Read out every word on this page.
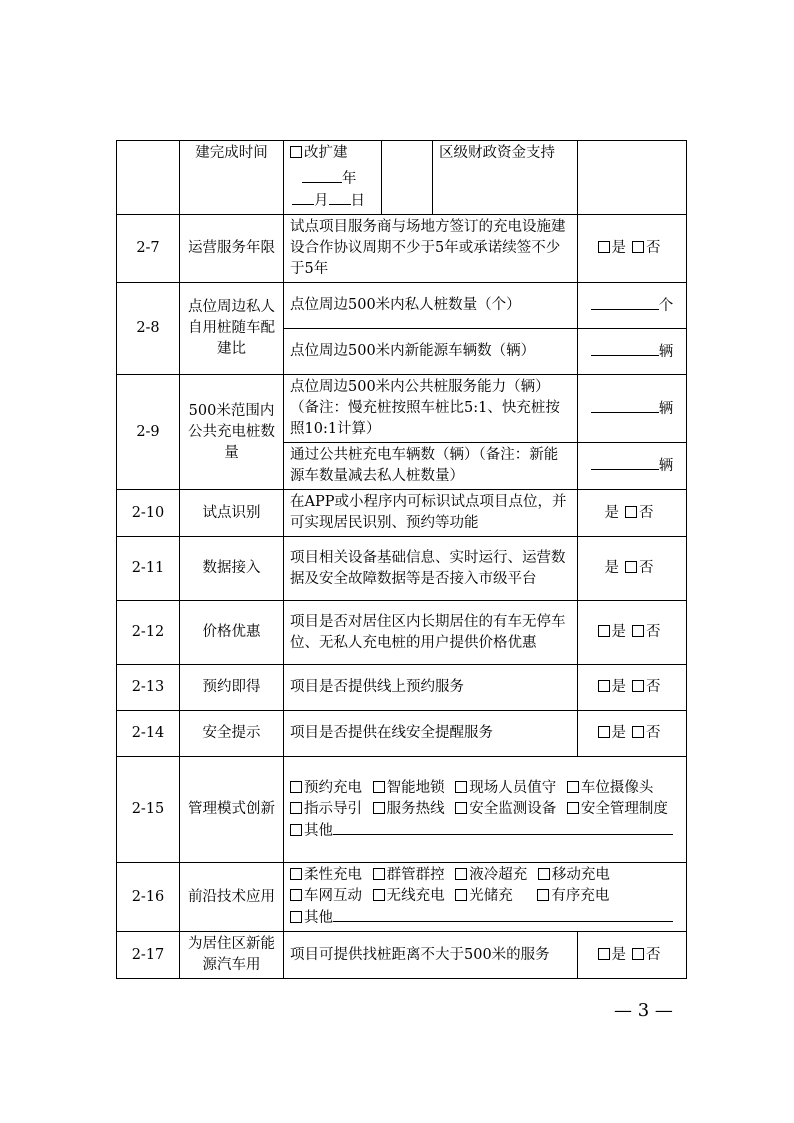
	建完成时间	改扩建
年
月 日		区级财政资金支持	
2-7	运营服务年限	试点项目服务商与场地方签订的充电设施建设合作协议周期不少于5年或承诺续签不少于5年			是 否
2-8	点位周边私人自用桩随车配建比	点位周边500米内私人桩数量（个）			个
		点位周边500米内新能源车辆数（辆）			辆
2-9	500米范围内公共充电桩数量	点位周边500米内公共桩服务能力（辆）（备注：慢充桩按照车桩比5:1、快充桩按照10:1计算）			辆
		通过公共桩充电车辆数（辆）（备注：新能源车数量减去私人桩数量）			辆
2-10	试点识别	在APP或小程序内可标识试点项目点位，并可实现居民识别、预约等功能			是 否
2-11	数据接入	项目相关设备基础信息、实时运行、运营数据及安全故障数据等是否接入市级平台			是 否
2-12	价格优惠	项目是否对居住区内长期居住的有车无停车位、无私人充电桩的用户提供价格优惠			是 否
2-13	预约即得	项目是否提供线上预约服务			是 否
2-14	安全提示	项目是否提供在线安全提醒服务			是 否
2-15	管理模式创新	预约充电 智能地锁 现场人员值守 车位摄像头
指示导引 服务热线 安全监测设备 安全管理制度
其他			

2-16	前沿技术应用	柔性充电 群管群控 液冷超充 移动充电
车网互动 无线充电 光储充 有序充电
其他			

2-17	为居住区新能源汽车用	项目可提供找桩距离不大于500米的服务			是 否
— 3 —
